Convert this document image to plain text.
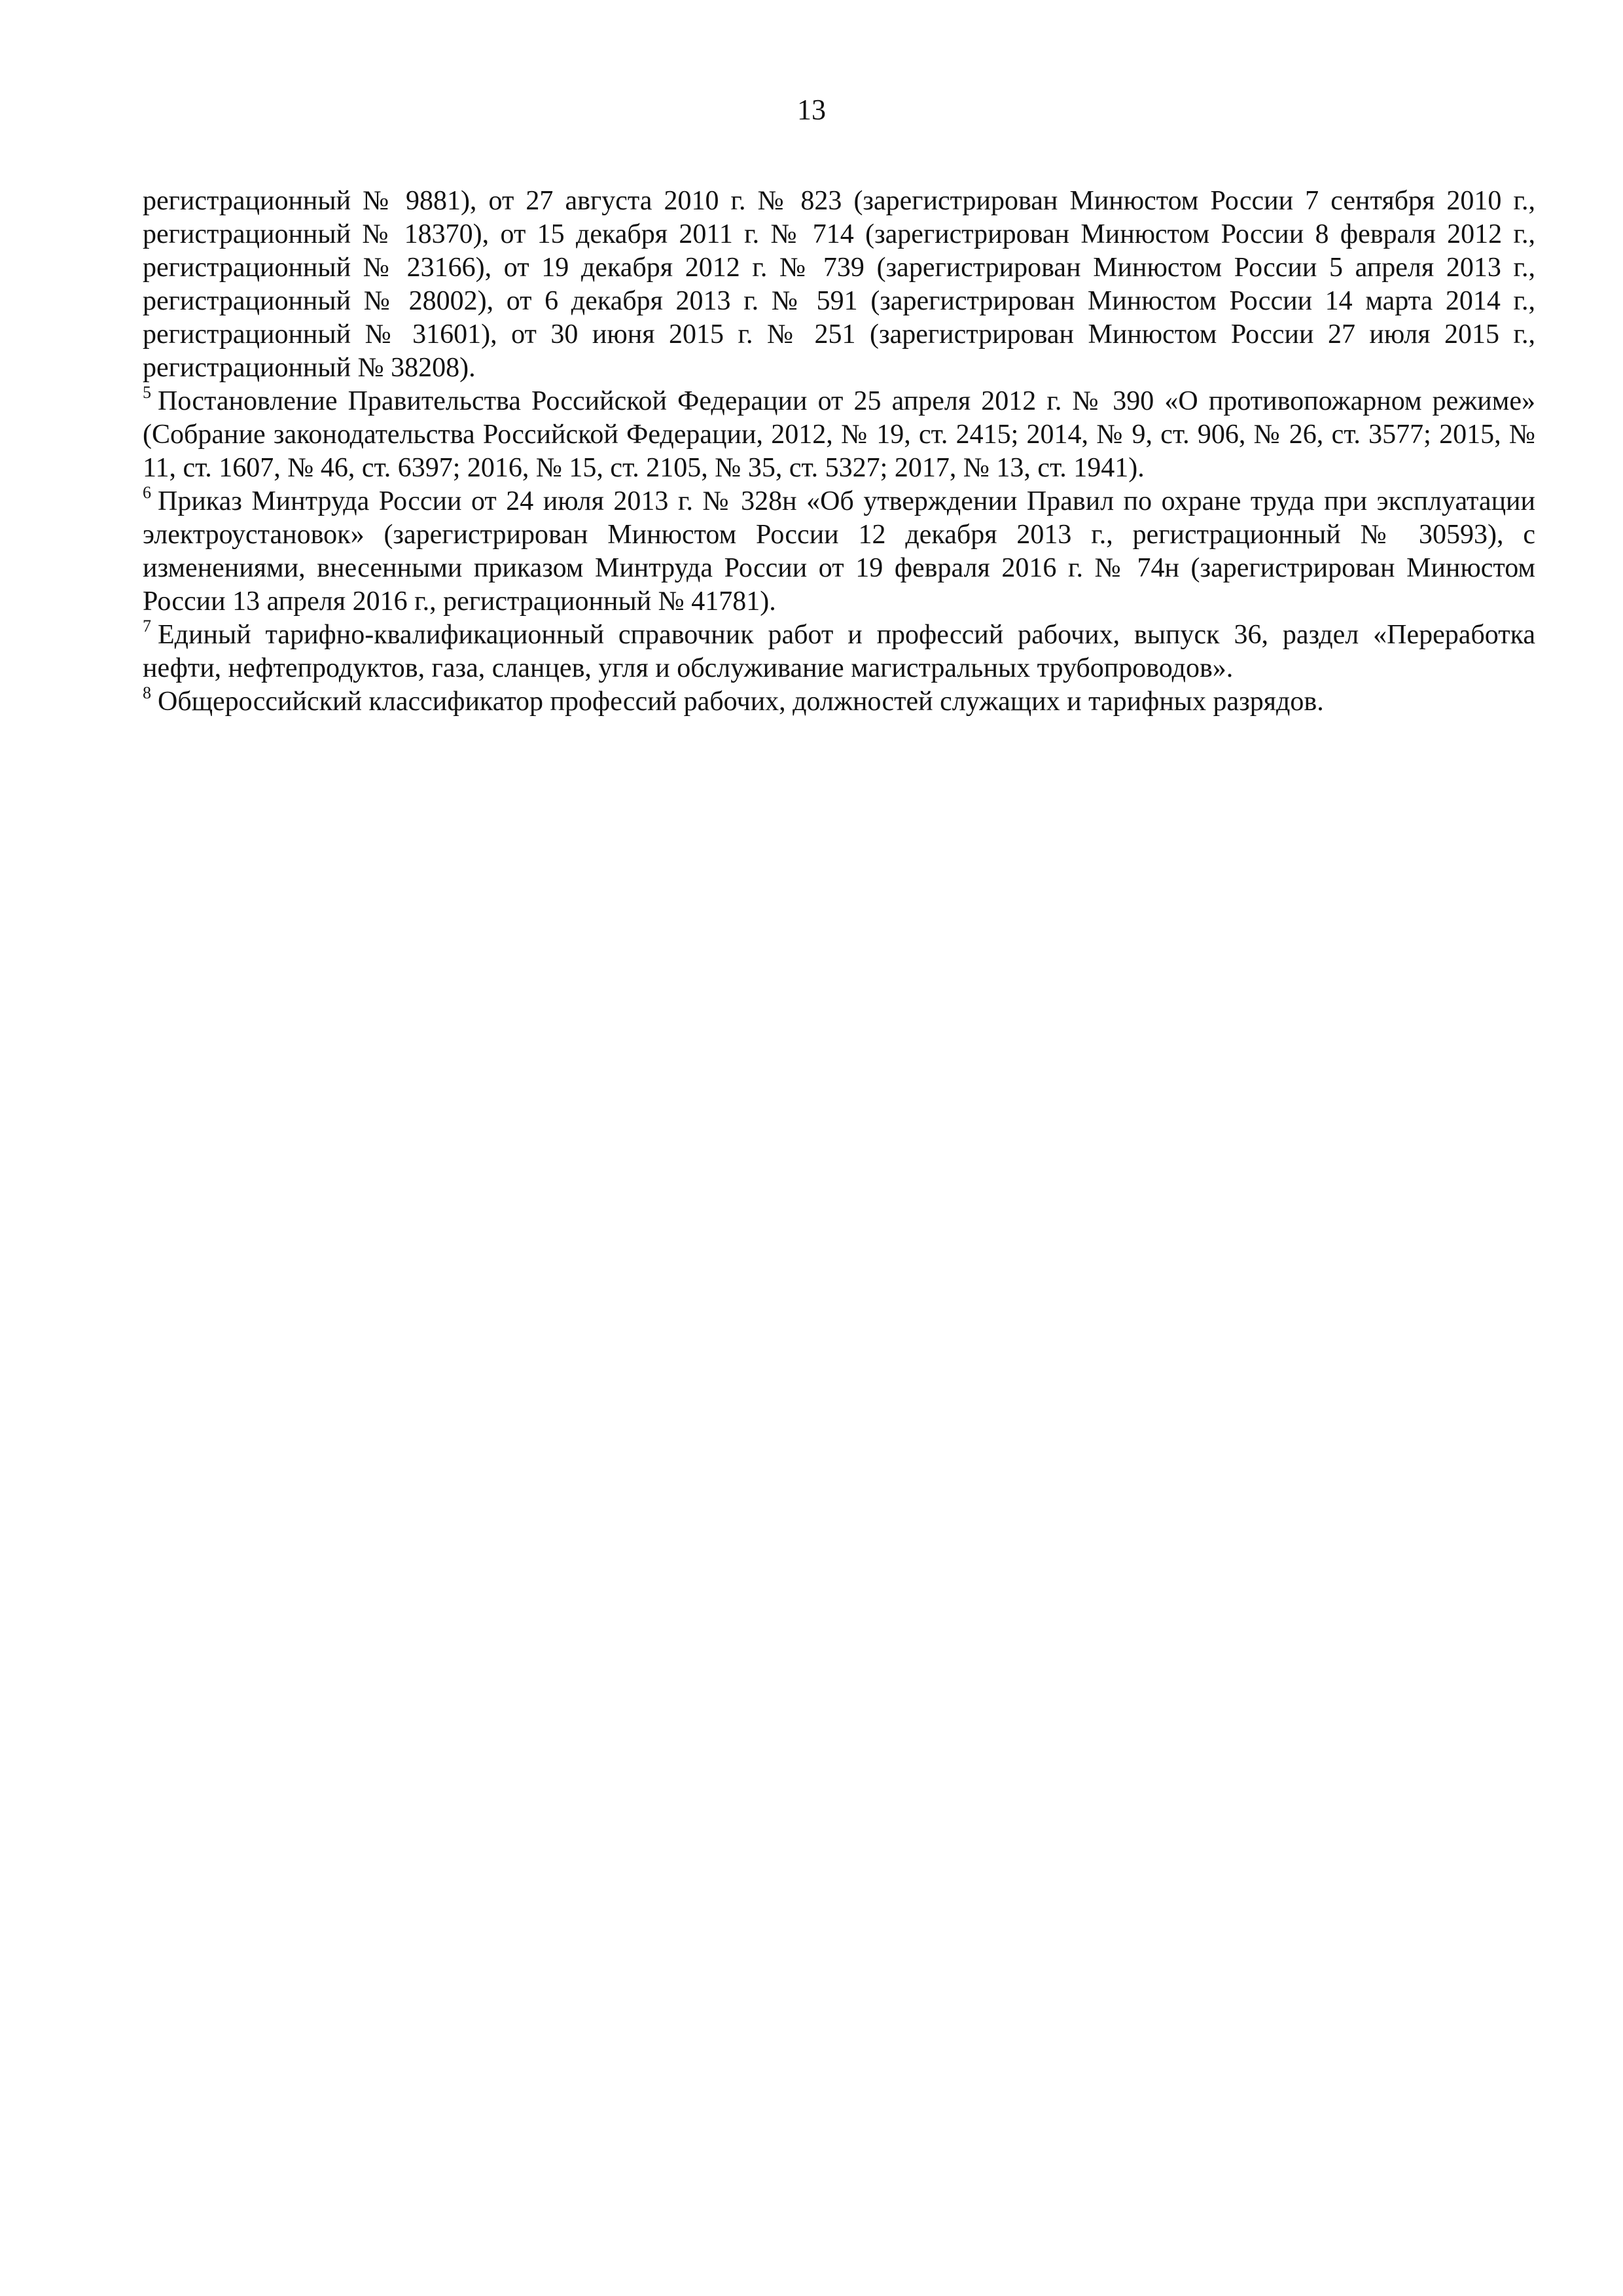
13

регистрационный № 9881), от 27 августа 2010 г. № 823 (зарегистрирован Минюстом России 7 сентября 2010 г., регистрационный № 18370), от 15 декабря 2011 г. № 714 (зарегистрирован Минюстом России 8 февраля 2012 г., регистрационный № 23166), от 19 декабря 2012 г. № 739 (зарегистрирован Минюстом России 5 апреля 2013 г., регистрационный № 28002), от 6 декабря 2013 г. № 591 (зарегистрирован Минюстом России 14 марта 2014 г., регистрационный № 31601), от 30 июня 2015 г. № 251 (зарегистрирован Минюстом России 27 июля 2015 г., регистрационный № 38208).

$^5$ Постановление Правительства Российской Федерации от 25 апреля 2012 г. № 390 «О противопожарном режиме» (Собрание законодательства Российской Федерации, 2012, № 19, ст. 2415; 2014, № 9, ст. 906, № 26, ст. 3577; 2015, № 11, ст. 1607, № 46, ст. 6397; 2016, № 15, ст. 2105, № 35, ст. 5327; 2017, № 13, ст. 1941).

$^6$ Приказ Минтруда России от 24 июля 2013 г. № 328н «Об утверждении Правил по охране труда при эксплуатации электроустановок» (зарегистрирован Минюстом России 12 декабря 2013 г., регистрационный № 30593), с изменениями, внесенными приказом Минтруда России от 19 февраля 2016 г. № 74н (зарегистрирован Минюстом России 13 апреля 2016 г., регистрационный № 41781).

$^7$ Единый тарифно-квалификационный справочник работ и профессий рабочих, выпуск 36, раздел «Переработка нефти, нефтепродуктов, газа, сланцев, угля и обслуживание магистральных трубопроводов».

$^8$ Общероссийский классификатор профессий рабочих, должностей служащих и тарифных разрядов.
